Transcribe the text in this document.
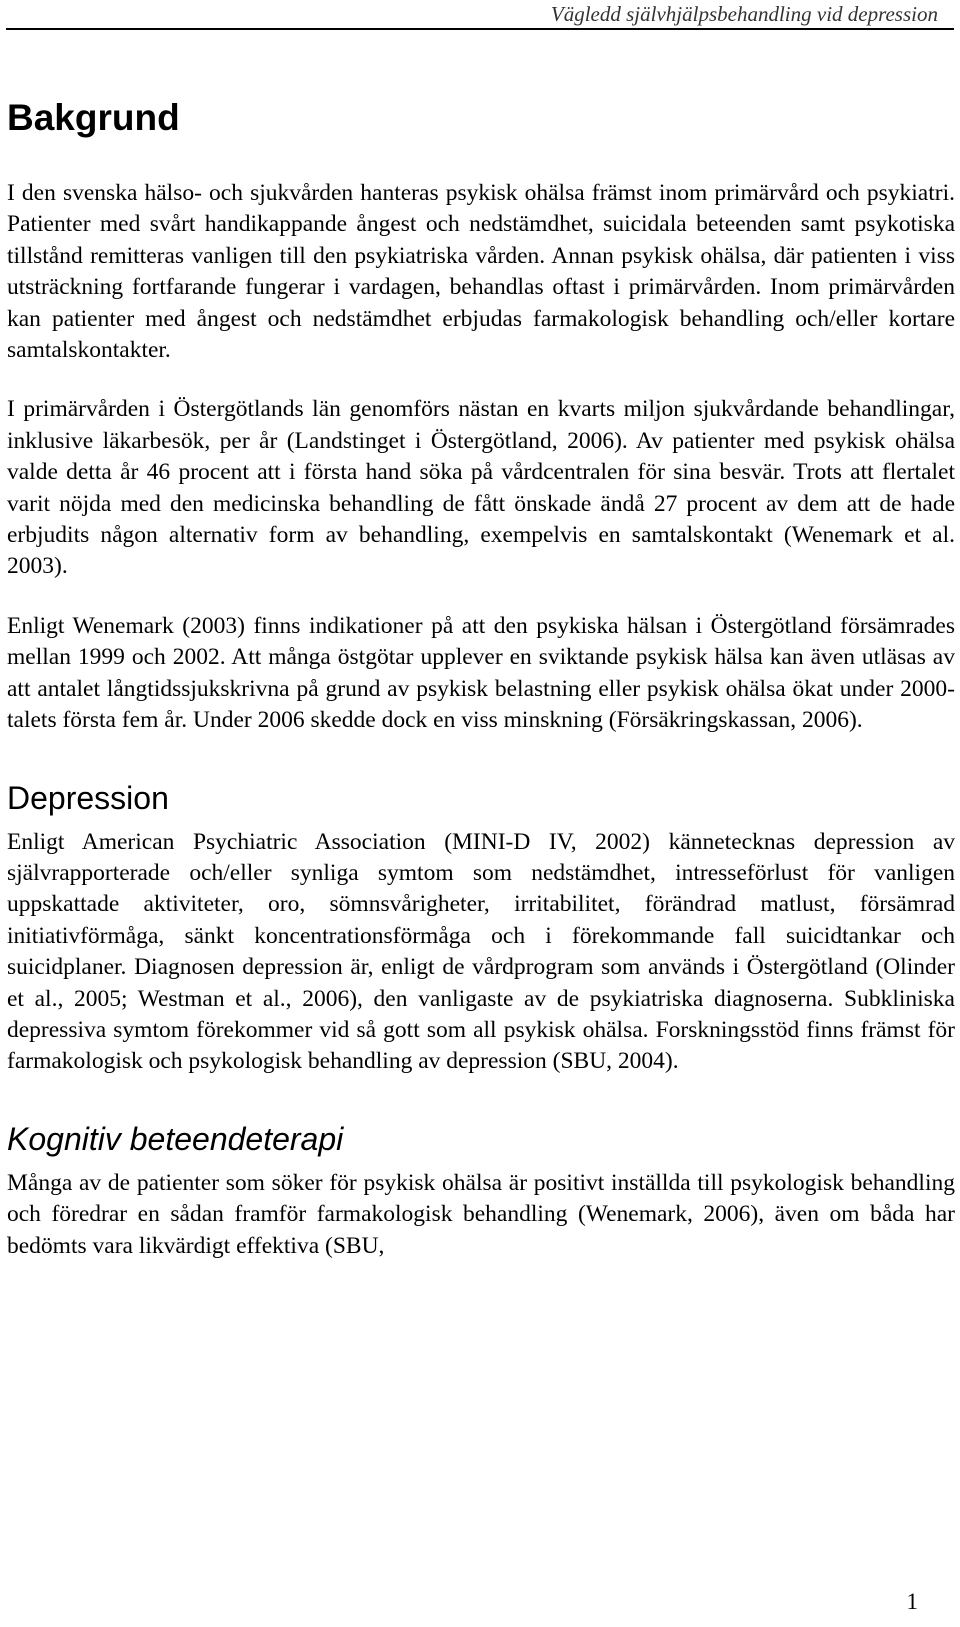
Vägledd självhjälpsbehandling vid depression
Bakgrund

I den svenska hälso- och sjukvården hanteras psykisk ohälsa främst inom primärvård och psykiatri. Patienter med svårt handikappande ångest och nedstämdhet, suicidala beteenden samt psykotiska tillstånd remitteras vanligen till den psykiatriska vården. Annan psykisk ohälsa, där patienten i viss utsträckning fortfarande fungerar i vardagen, behandlas oftast i primärvården. Inom primärvården kan patienter med ångest och nedstämdhet erbjudas farmakologisk behandling och/eller kortare samtalskontakter.

I primärvården i Östergötlands län genomförs nästan en kvarts miljon sjukvårdande behandlingar, inklusive läkarbesök, per år (Landstinget i Östergötland, 2006). Av patienter med psykisk ohälsa valde detta år 46 procent att i första hand söka på vårdcentralen för sina besvär. Trots att flertalet varit nöjda med den medicinska behandling de fått önskade ändå 27 procent av dem att de hade erbjudits någon alternativ form av behandling, exempelvis en samtalskontakt (Wenemark et al. 2003).

Enligt Wenemark (2003) finns indikationer på att den psykiska hälsan i Östergötland försämrades mellan 1999 och 2002. Att många östgötar upplever en sviktande psykisk hälsa kan även utläsas av att antalet långtidssjukskrivna på grund av psykisk belastning eller psykisk ohälsa ökat under 2000-talets första fem år. Under 2006 skedde dock en viss minskning (Försäkringskassan, 2006).

Depression

Enligt American Psychiatric Association (MINI-D IV, 2002) kännetecknas depression av självrapporterade och/eller synliga symtom som nedstämdhet, intresseförlust för vanligen uppskattade aktiviteter, oro, sömnsvårigheter, irritabilitet, förändrad matlust, försämrad initiativförmåga, sänkt koncentrationsförmåga och i förekommande fall suicidtankar och suicidplaner. Diagnosen depression är, enligt de vårdprogram som används i Östergötland (Olinder et al., 2005; Westman et al., 2006), den vanligaste av de psykiatriska diagnoserna. Subkliniska depressiva symtom förekommer vid så gott som all psykisk ohälsa. Forskningsstöd finns främst för farmakologisk och psykologisk behandling av depression (SBU, 2004).

Kognitiv beteendeterapi

Många av de patienter som söker för psykisk ohälsa är positivt inställda till psykologisk behandling och föredrar en sådan framför farmakologisk behandling (Wenemark, 2006), även om båda har bedömts vara likvärdigt effektiva (SBU,

1
